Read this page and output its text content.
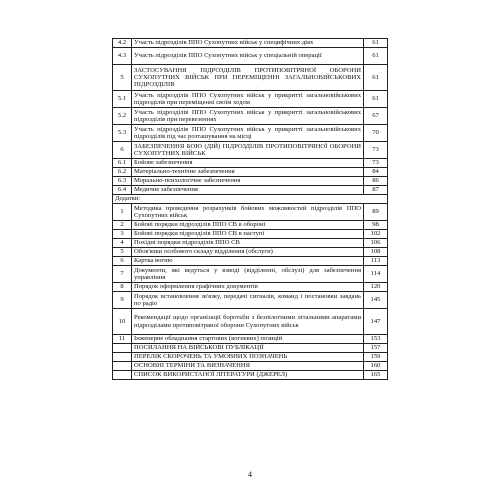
4.2	Участь підрозділів ППО Сухопутних військ у специфічних діях	61
4.3	Участь підрозділів ППО Сухопутних військ у спеціальній операції	61
5	ЗАСТОСУВАННЯ ПІДРОЗДІЛІВ ПРОТИПОВІТРЯНОЇ ОБОРОНИ СУХОПУТНИХ ВІЙСЬК ПРИ ПЕРЕМІЩЕННІ ЗАГАЛЬНОВІЙСЬКОВИХ ПІДРОЗДІЛІВ	61
5.1	Участь підрозділів ППО Сухопутних військ у прикритті загальновійськових підрозділів при переміщенні своїм ходом	61
5.2	Участь підрозділів ППО Сухопутних військ у прикритті загальновійськових підрозділів при перевезеннях	67
5.3	Участь підрозділів ППО Сухопутних військ у прикритті загальновійськових підрозділів під час розташування на місці	70
6	ЗАБЕЗПЕЧЕННЯ БОЮ (ДІЙ) ПІДРОЗДІЛІВ ПРОТИПОВІТРЯНОЇ ОБОРОНИ СУХОПУТНИХ ВІЙСЬК	73
6.1	Бойове забезпечення	73
6.2	Матеріально-технічне забезпечення	84
6.3	Морально-психологічне забезпечення	86
6.4	Медичне забезпечення	87
Додатки:		
1	Методика проведення розрахунків бойових можливостей підрозділів ППО Сухопутних військ	89
2	Бойові порядки підрозділів ППО СВ в обороні	98
3	Бойові порядки підрозділів ППО СВ в наступі	102
4	Похідні порядки підрозділів ППО СВ	106
5	Обов'язки особового складу відділення (обслуги)	108
6	Картка вогню	113
7	Документи, які ведуться у взводі (відділенні, обслузі) для забезпечення управління	114
8	Порядок оформлення графічних документів	120
9	Порядок встановлення зв'язку, передачі сигналів, команд і постановки завдань по радіо	145
10	Рекомендації щодо організації боротьби з безпілотними літальними апаратами підрозділами протиповітряної оборони Сухопутних військ	147
11	Інженерне обладнання стартових (вогневих) позицій	153
	ПОСИЛАННЯ НА ВІЙСЬКОВІ ПУБЛІКАЦІЇ	157
	ПЕРЕЛІК СКОРОЧЕНЬ ТА УМОВНИХ ПОЗНАЧЕНЬ	159
	ОСНОВНІ ТЕРМІНИ ТА ВИЗНАЧЕННЯ	160
	СПИСОК ВИКОРИСТАНОЇ ЛІТЕРАТУРИ (ДЖЕРЕЛ)	165
4
